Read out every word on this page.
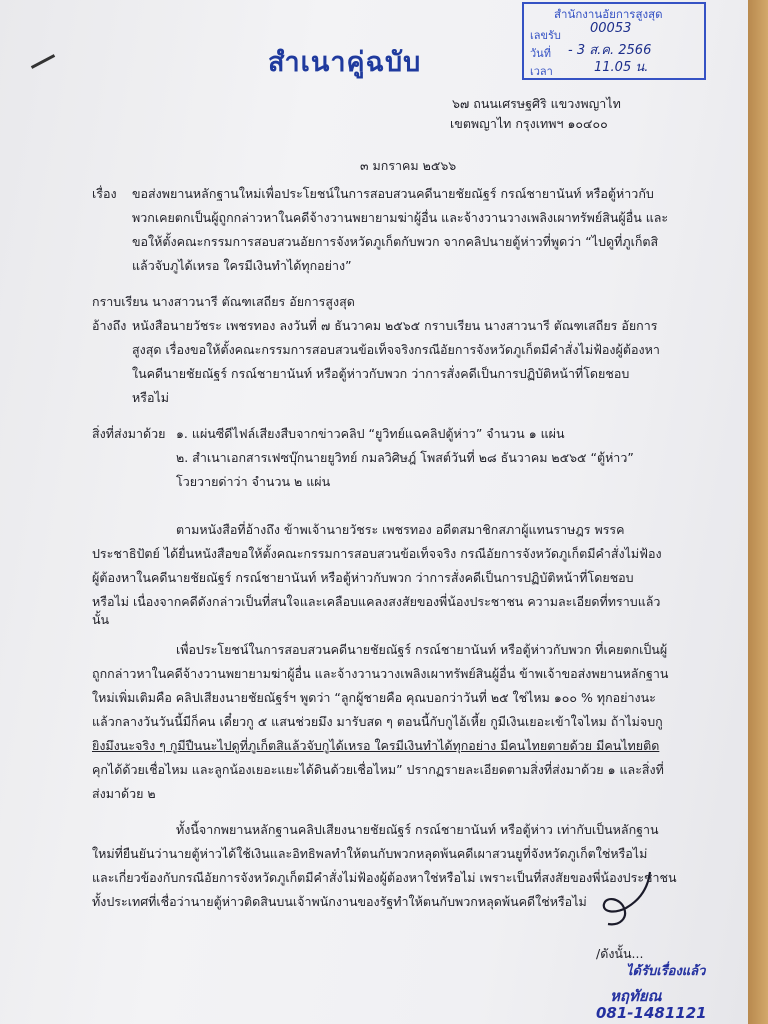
สำเนาคู่ฉบับ
สำนักงานอัยการสูงสุด
เลขรับ 00053
วันที่ - 3 ส.ค. 2566
เวลา	11.05 น.
๖๗ ถนนเศรษฐศิริ แขวงพญาไท
เขตพญาไท กรุงเทพฯ ๑๐๔๐๐
๓ มกราคม ๒๕๖๖
เรื่อง ขอส่งพยานหลักฐานใหม่เพื่อประโยชน์ในการสอบสวนคดีนายชัยณัฐร์ กรณ์ชายานันท์ หรือตู้ห่าวกับ
พวกเคยตกเป็นผู้ถูกกล่าวหาในคดีจ้างวานพยายามฆ่าผู้อื่น และจ้างวานวางเพลิงเผาทรัพย์สินผู้อื่น และ
ขอให้ตั้งคณะกรรมการสอบสวนอัยการจังหวัดภูเก็ตกับพวก จากคลิปนายตู้ห่าวที่พูดว่า “ไปดูที่ภูเก็ตสิ
แล้วจับภูได้เหรอ ใครมีเงินทำได้ทุกอย่าง”
กราบเรียน นางสาวนารี ตัณฑเสถียร อัยการสูงสุด
อ้างถึง หนังสือนายวัชระ เพชรทอง ลงวันที่ ๗ ธันวาคม ๒๕๖๕ กราบเรียน นางสาวนารี ตัณฑเสถียร อัยการ
สูงสุด เรื่องขอให้ตั้งคณะกรรมการสอบสวนข้อเท็จจริงกรณีอัยการจังหวัดภูเก็ตมีคำสั่งไม่ฟ้องผู้ต้องหา
ในคดีนายชัยณัฐร์ กรณ์ชายานันท์ หรือตู้ห่าวกับพวก ว่าการสั่งคดีเป็นการปฏิบัติหน้าที่โดยชอบ
หรือไม่
สิ่งที่ส่งมาด้วย ๑. แผ่นซีดีไฟล์เสียงสืบจากข่าวคลิป “ยูวิทย์แฉคลิปตู้ห่าว” จำนวน ๑ แผ่น
๒. สำเนาเอกสารเฟซบุ๊กนายยูวิทย์ กมลวิศิษฎ์ โพสต์วันที่ ๒๘ ธันวาคม ๒๕๖๕ “ตู้ห่าว”
โวยวายด่าว่า จำนวน ๒ แผ่น
ตามหนังสือที่อ้างถึง ข้าพเจ้านายวัชระ เพชรทอง อดีตสมาชิกสภาผู้แทนราษฎร พรรค
ประชาธิปัตย์ ได้ยื่นหนังสือขอให้ตั้งคณะกรรมการสอบสวนข้อเท็จจริง กรณีอัยการจังหวัดภูเก็ตมีคำสั่งไม่ฟ้อง
ผู้ต้องหาในคดีนายชัยณัฐร์ กรณ์ชายานันท์ หรือตู้ห่าวกับพวก ว่าการสั่งคดีเป็นการปฏิบัติหน้าที่โดยชอบ
หรือไม่ เนื่องจากคดีดังกล่าวเป็นที่สนใจและเคลือบแคลงสงสัยของพี่น้องประชาชน ความละเอียดที่ทราบแล้ว
นั้น
เพื่อประโยชน์ในการสอบสวนคดีนายชัยณัฐร์ กรณ์ชายานันท์ หรือตู้ห่าวกับพวก ที่เคยตกเป็นผู้
ถูกกล่าวหาในคดีจ้างวานพยายามฆ่าผู้อื่น และจ้างวานวางเพลิงเผาทรัพย์สินผู้อื่น ข้าพเจ้าขอส่งพยานหลักฐาน
ใหม่เพิ่มเติมคือ คลิปเสียงนายชัยณัฐร์ฯ พูดว่า “ลูกผู้ชายคือ คุณบอกว่าวันที่ ๒๕ ใช่ไหม ๑๐๐ % ทุกอย่างนะ
แล้วกลางวันวันนี้มีก็คน เดี๋ยวกู ๕ แสนช่วยมึง มารับสด ๆ ตอนนี้กับกูไอ้เหี้ย กูมีเงินเยอะเข้าใจไหม ถ้าไม่จบกู
ยิงมึงนะจริง ๆ กูมีปืนนะไปดูที่ภูเก็ตสิแล้วจับกูได้เหรอ ใครมีเงินทำได้ทุกอย่าง มีคนไทยตายด้วย มีคนไทยติด
คุกได้ด้วยเชื่อไหม และลูกน้องเยอะแยะได้ดินด้วยเชื่อไหม” ปรากฏรายละเอียดตามสิ่งที่ส่งมาด้วย ๑ และสิ่งที่
ส่งมาด้วย ๒
ทั้งนี้จากพยานหลักฐานคลิปเสียงนายชัยณัฐร์ กรณ์ชายานันท์ หรือตู้ห่าว เท่ากับเป็นหลักฐาน
ใหม่ที่ยืนยันว่านายตู้ห่าวได้ใช้เงินและอิทธิพลทำให้ตนกับพวกหลุดพ้นคดีเผาสวนยูที่จังหวัดภูเก็ตใช่หรือไม่
และเกี่ยวข้องกับกรณีอัยการจังหวัดภูเก็ตมีคำสั่งไม่ฟ้องผู้ต้องหาใช่หรือไม่ เพราะเป็นที่สงสัยของพี่น้องประชาชน
ทั้งประเทศที่เชื่อว่านายตู้ห่าวติดสินบนเจ้าพนักงานของรัฐทำให้ตนกับพวกหลุดพ้นคดีใช่หรือไม่
/ดังนั้น...
ได้รับเรื่องแล้ว
หฤทัยณ
081-1481121
